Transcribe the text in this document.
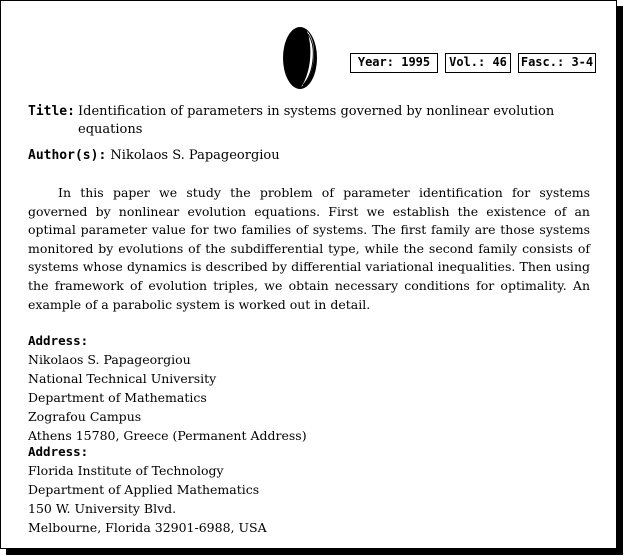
Year: 1995	Vol.: 46	Fasc.: 3-4
Title: Identification of parameters in systems governed by nonlinear evolution equations
Author(s): Nikolaos S. Papageorgiou

In this paper we study the problem of parameter identification for systems governed by nonlinear evolution equations. First we establish the existence of an optimal parameter value for two families of systems. The first family are those systems monitored by evolutions of the subdifferential type, while the second family consists of systems whose dynamics is described by differential variational inequalities. Then using the framework of evolution triples, we obtain necessary conditions for optimality. An example of a parabolic system is worked out in detail.

Address:
Nikolaos S. Papageorgiou
National Technical University
Department of Mathematics
Zografou Campus
Athens 15780, Greece (Permanent Address)
Address:
Florida Institute of Technology
Department of Applied Mathematics
150 W. University Blvd.
Melbourne, Florida 32901-6988, USA
